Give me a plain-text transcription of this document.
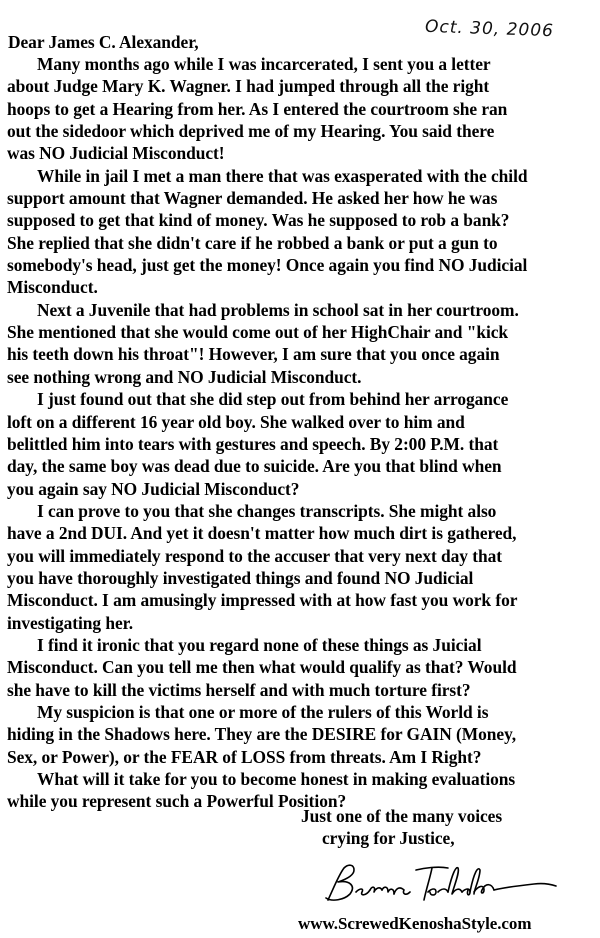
Oct. 30, 2006
Dear James C. Alexander,

Many months ago while I was incarcerated, I sent you a letter
about Judge Mary K. Wagner. I had jumped through all the right
hoops to get a Hearing from her. As I entered the courtroom she ran
out the sidedoor which deprived me of my Hearing. You said there
was NO Judicial Misconduct!

While in jail I met a man there that was exasperated with the child
support amount that Wagner demanded. He asked her how he was
supposed to get that kind of money. Was he supposed to rob a bank?
She replied that she didn't care if he robbed a bank or put a gun to
somebody's head, just get the money! Once again you find NO Judicial
Misconduct.

Next a Juvenile that had problems in school sat in her courtroom.
She mentioned that she would come out of her HighChair and "kick
his teeth down his throat"! However, I am sure that you once again
see nothing wrong and NO Judicial Misconduct.

I just found out that she did step out from behind her arrogance
loft on a different 16 year old boy. She walked over to him and
belittled him into tears with gestures and speech. By 2:00 P.M. that
day, the same boy was dead due to suicide. Are you that blind when
you again say NO Judicial Misconduct?

I can prove to you that she changes transcripts. She might also
have a 2nd DUI. And yet it doesn't matter how much dirt is gathered,
you will immediately respond to the accuser that very next day that
you have thoroughly investigated things and found NO Judicial
Misconduct. I am amusingly impressed with at how fast you work for
investigating her.

I find it ironic that you regard none of these things as Juicial
Misconduct. Can you tell me then what would qualify as that? Would
she have to kill the victims herself and with much torture first?

My suspicion is that one or more of the rulers of this World is
hiding in the Shadows here. They are the DESIRE for GAIN (Money,
Sex, or Power), or the FEAR of LOSS from threats. Am I Right?

What will it take for you to become honest in making evaluations
while you represent such a Powerful Position?

Just one of the many voices
crying for Justice,
www.ScrewedKenoshaStyle.com
